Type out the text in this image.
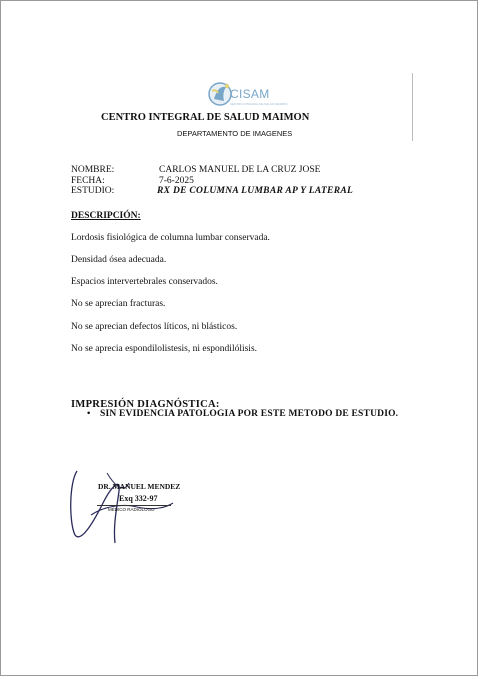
CISAM
CENTRO INTEGRAL DE SALUD MAIMON
CENTRO INTEGRAL DE SALUD MAIMON
DEPARTAMENTO DE IMAGENES
NOMBRE:	CARLOS MANUEL DE LA CRUZ JOSE
FECHA:	7-6-2025
ESTUDIO:	RX DE COLUMNA LUMBAR AP Y LATERAL
DESCRIPCIÓN:
Lordosis fisiológica de columna lumbar conservada.
Densidad ósea adecuada.
Espacios intervertebrales conservados.
No se aprecian fracturas.
No se aprecian defectos líticos, ni blásticos.
No se aprecia espondilolistesis, ni espondilólisis.
IMPRESIÓN DIAGNÓSTICA:
• SIN EVIDENCIA PATOLOGIA POR ESTE METODO DE ESTUDIO.
DR. MANUEL MENDEZ
Exq 332-97
MÉDICO RADIÓLOGO
